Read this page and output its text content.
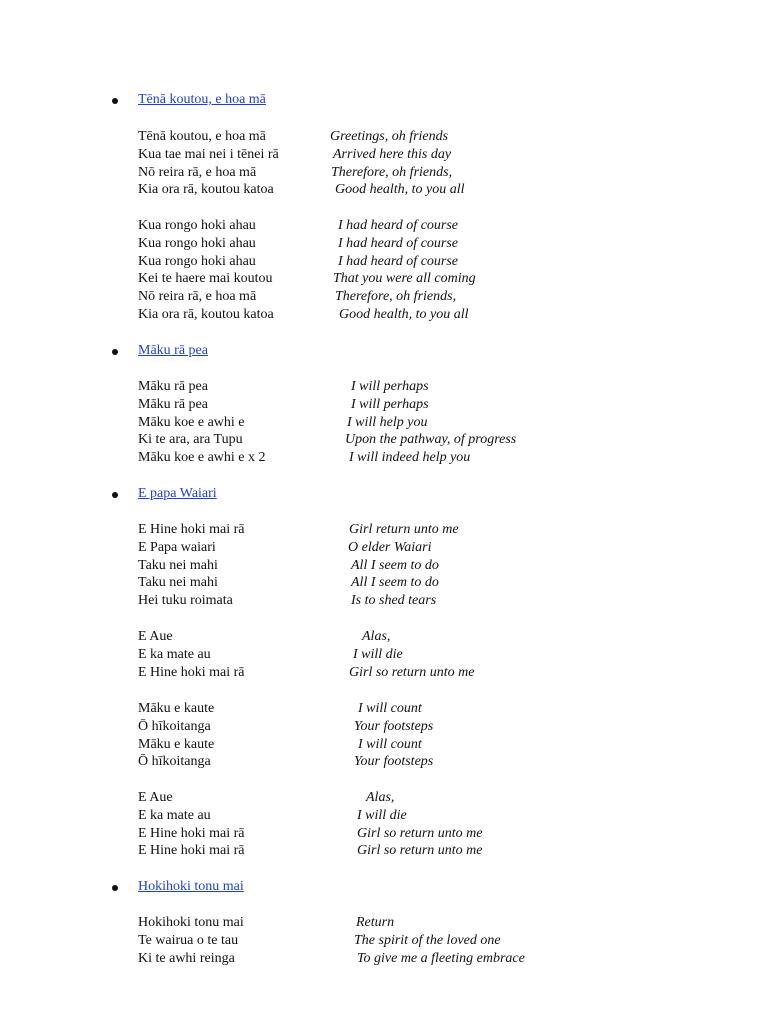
Tēnā koutou, e hoa mā
Tēnā koutou, e hoa mā	Greetings, oh friends
Kua tae mai nei i tēnei rā	Arrived here this day
Nō reira rā, e hoa mā	Therefore, oh friends,
Kia ora rā, koutou katoa	Good health, to you all
Kua rongo hoki ahau	I had heard of course
Kua rongo hoki ahau	I had heard of course
Kua rongo hoki ahau	I had heard of course
Kei te haere mai koutou	That you were all coming
Nō reira rā, e hoa mā	Therefore, oh friends,
Kia ora rā, koutou katoa	Good health, to you all
Māku rā pea
Māku rā pea	I will perhaps
Māku rā pea	I will perhaps
Māku koe e awhi e	I will help you
Ki te ara, ara Tupu	Upon the pathway, of progress
Māku koe e awhi e x 2	I will indeed help you
E papa Waiari
E Hine hoki mai rā	Girl return unto me
E Papa waiari	O elder Waiari
Taku nei mahi	All I seem to do
Taku nei mahi	All I seem to do
Hei tuku roimata	Is to shed tears
E Aue	Alas,
E ka mate au	I will die
E Hine hoki mai rā	Girl so return unto me
Māku e kaute	I will count
Ō hīkoitanga	Your footsteps
Māku e kaute	I will count
Ō hīkoitanga	Your footsteps
E Aue	Alas,
E ka mate au	I will die
E Hine hoki mai rā	Girl so return unto me
E Hine hoki mai rā	Girl so return unto me
Hokihoki tonu mai
Hokihoki tonu mai	Return
Te wairua o te tau	The spirit of the loved one
Ki te awhi reinga	To give me a fleeting embrace
